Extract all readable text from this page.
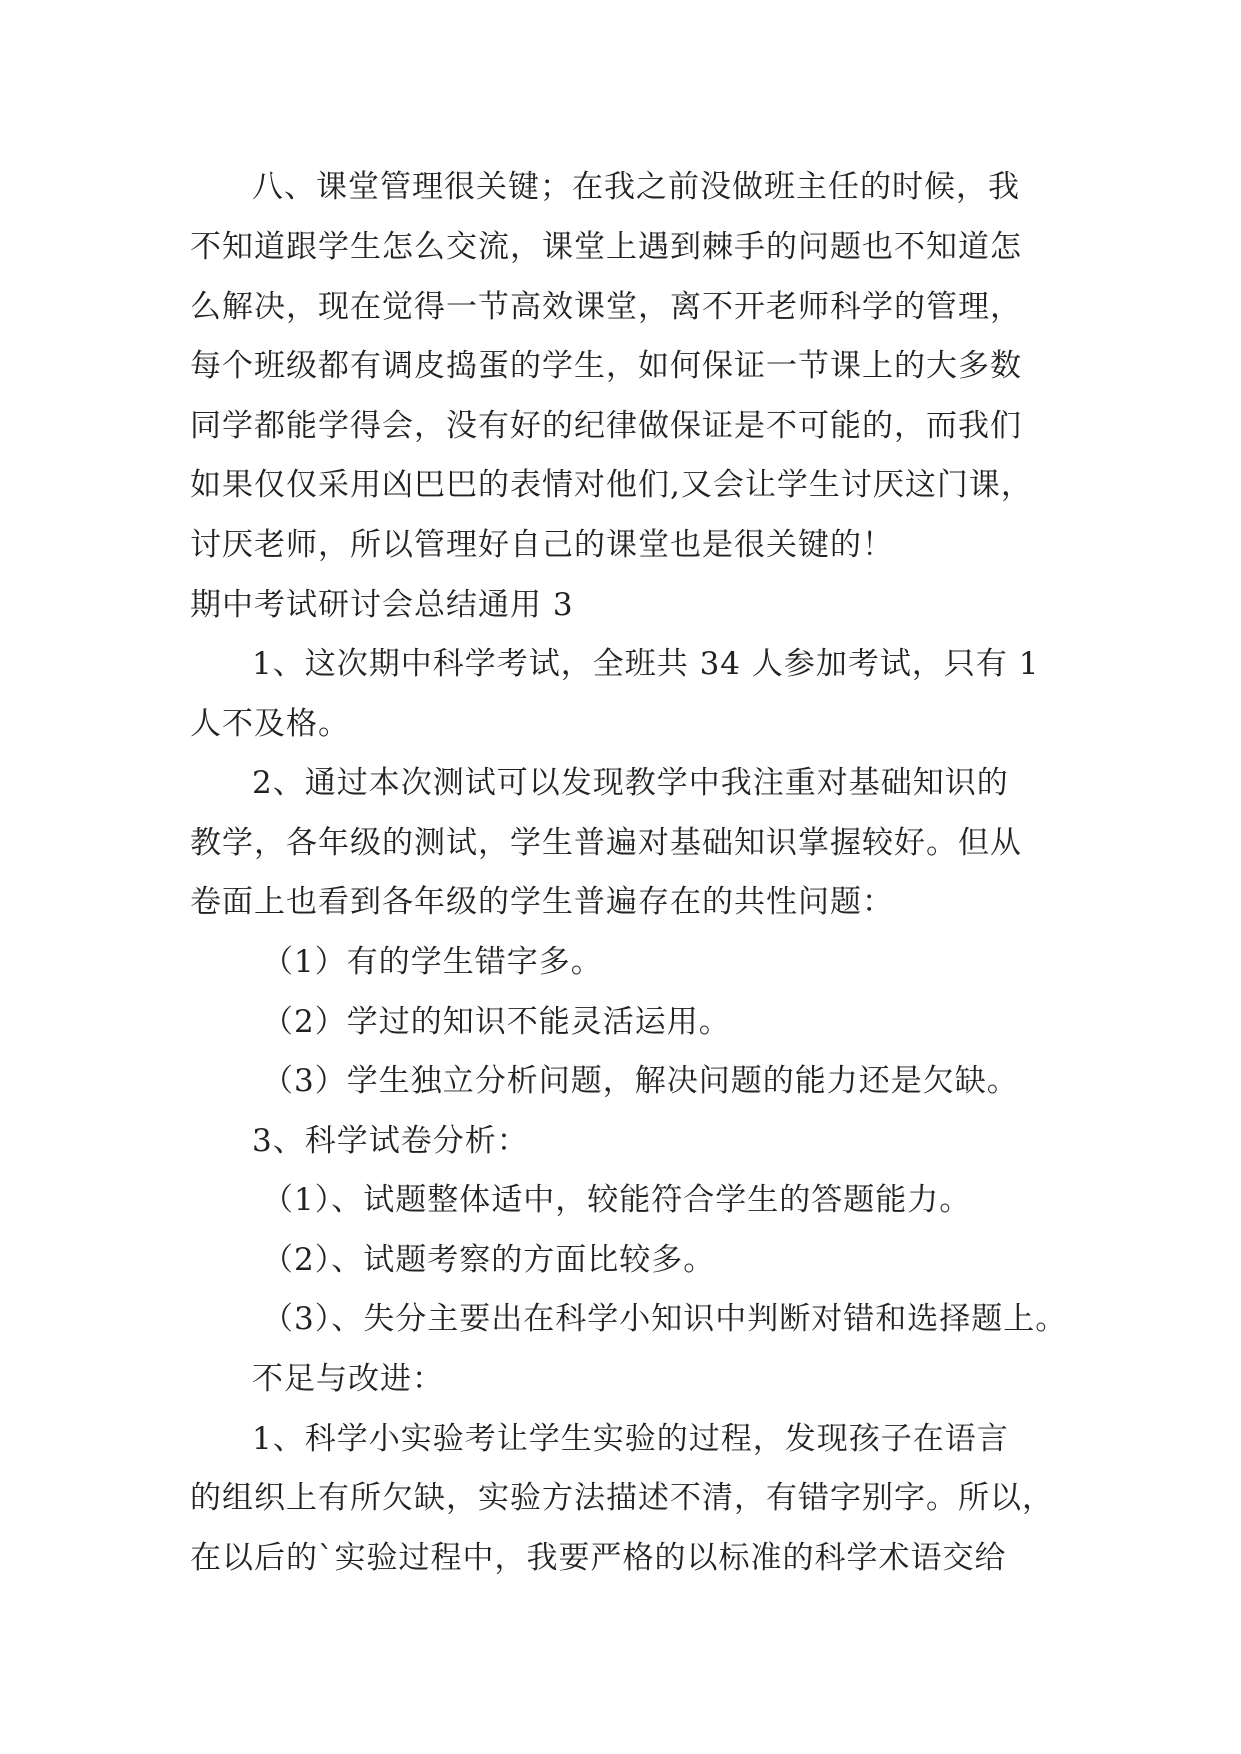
八、课堂管理很关键；在我之前没做班主任的时候，我
不知道跟学生怎么交流，课堂上遇到棘手的问题也不知道怎
么解决，现在觉得一节高效课堂，离不开老师科学的管理，
每个班级都有调皮捣蛋的学生，如何保证一节课上的大多数
同学都能学得会，没有好的纪律做保证是不可能的，而我们
如果仅仅采用凶巴巴的表情对他们,又会让学生讨厌这门课，
讨厌老师，所以管理好自己的课堂也是很关键的！
期中考试研讨会总结通用 3
1、这次期中科学考试，全班共 34 人参加考试，只有 1
人不及格。
2、通过本次测试可以发现教学中我注重对基础知识的
教学，各年级的测试，学生普遍对基础知识掌握较好。但从
卷面上也看到各年级的学生普遍存在的共性问题：
（1）有的学生错字多。
（2）学过的知识不能灵活运用。
（3）学生独立分析问题，解决问题的能力还是欠缺。
3、科学试卷分析：
（1）、试题整体适中，较能符合学生的答题能力。
（2）、试题考察的方面比较多。
（3）、失分主要出在科学小知识中判断对错和选择题上。
不足与改进：
1、科学小实验考让学生实验的过程，发现孩子在语言
的组织上有所欠缺，实验方法描述不清，有错字别字。所以，
在以后的`实验过程中，我要严格的以标准的科学术语交给
